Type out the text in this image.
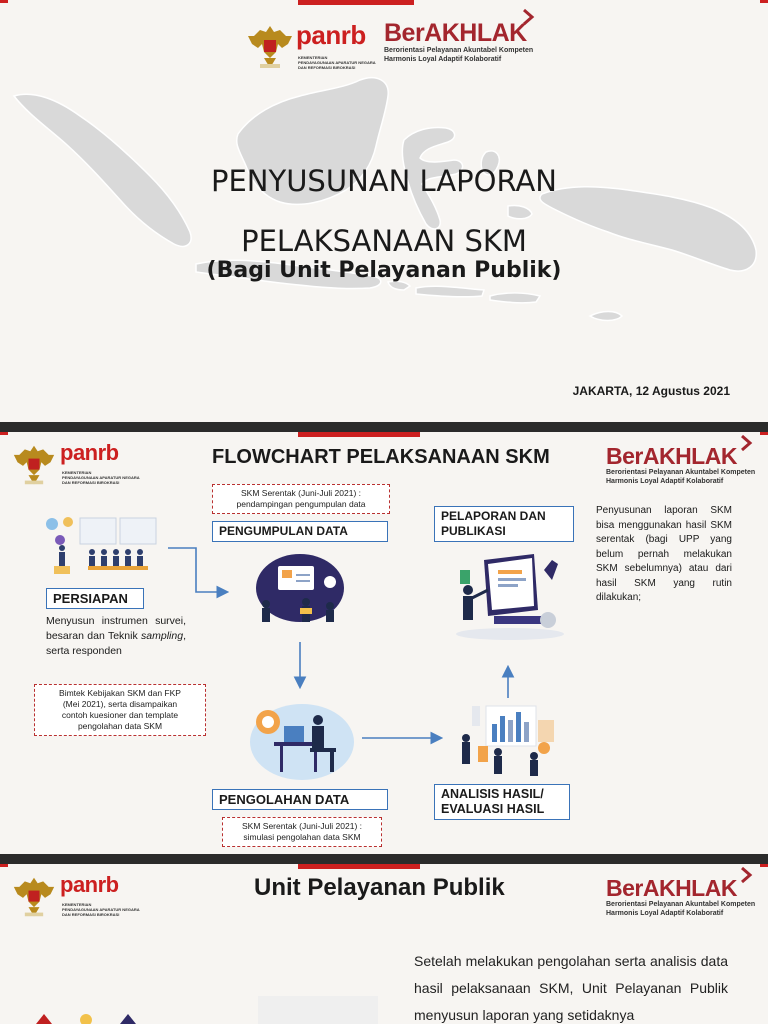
panrb
KEMENTERIAN
PENDAYAGUNAAN APARATUR NEGARA
DAN REFORMASI BIROKRASI
BerAKHLAK
Berorientasi Pelayanan Akuntabel Kompeten
Harmonis Loyal Adaptif Kolaboratif
PENYUSUNAN LAPORAN
PELAKSANAAN SKM
(Bagi Unit Pelayanan Publik)
JAKARTA, 12 Agustus 2021
panrb
KEMENTERIAN
PENDAYAGUNAAN APARATUR NEGARA
DAN REFORMASI BIROKRASI
FLOWCHART PELAKSANAAN SKM BerAKHLAK
Berorientasi Pelayanan Akuntabel Kompeten
Harmonis Loyal Adaptif Kolaboratif
SKM Serentak (Juni-Juli 2021) :
pendampingan pengumpulan data
PENGUMPULAN DATA
PERSIAPAN
Menyusun instrumen survei, besaran dan Teknik sampling, serta responden
Bimtek Kebijakan SKM dan FKP
(Mei 2021), serta disampaikan
contoh kuesioner dan template
pengolahan data SKM
PELAPORAN DAN
PUBLIKASI
Penyusunan laporan SKM bisa menggunakan hasil SKM serentak (bagi UPP yang belum pernah melakukan SKM sebelumnya) atau dari hasil SKM yang rutin dilakukan;
PENGOLAHAN DATA
SKM Serentak (Juni-Juli 2021) :
simulasi pengolahan data SKM
ANALISIS HASIL/
EVALUASI HASIL
panrb
KEMENTERIAN
PENDAYAGUNAAN APARATUR NEGARA
DAN REFORMASI BIROKRASI
Unit Pelayanan Publik	BerAKHLAK
Berorientasi Pelayanan Akuntabel Kompeten
Harmonis Loyal Adaptif Kolaboratif
Setelah melakukan pengolahan serta analisis data hasil pelaksanaan SKM, Unit Pelayanan Publik menyusun laporan yang setidaknya
